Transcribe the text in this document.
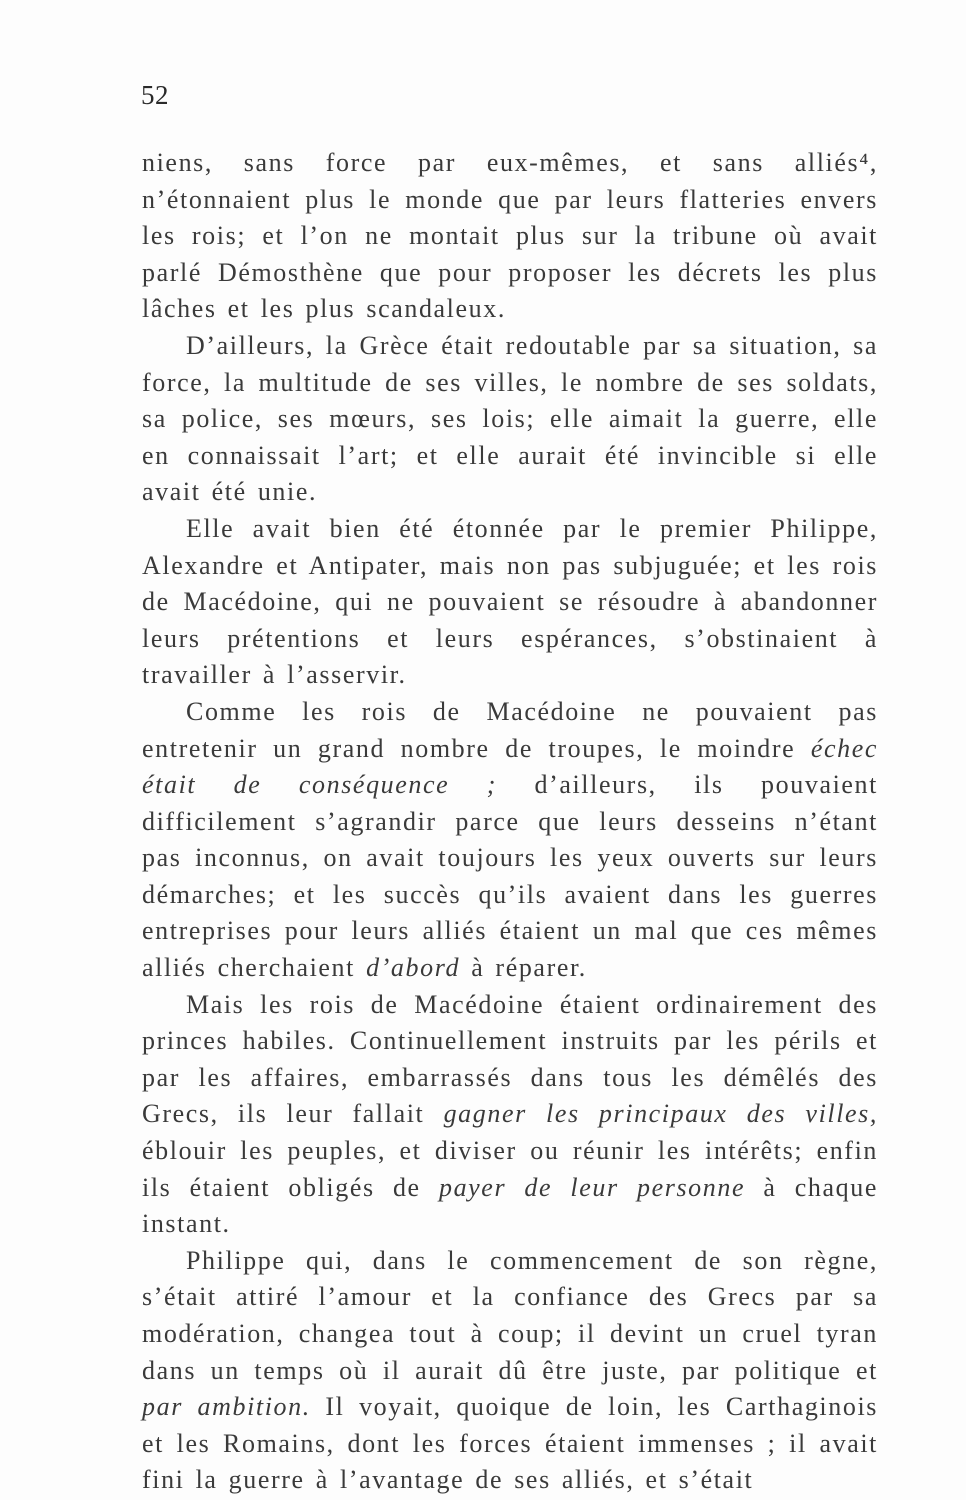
52

niens, sans force par eux-mêmes, et sans alliés⁴, n’étonnaient plus le monde que par leurs flatteries envers les rois; et l’on ne montait plus sur la tribune où avait parlé Démosthène que pour proposer les décrets les plus lâches et les plus scandaleux.

D’ailleurs, la Grèce était redoutable par sa situation, sa force, la multitude de ses villes, le nombre de ses soldats, sa police, ses mœurs, ses lois; elle aimait la guerre, elle en connaissait l’art; et elle aurait été invincible si elle avait été unie.

Elle avait bien été étonnée par le premier Philippe, Alexandre et Antipater, mais non pas subjuguée; et les rois de Macédoine, qui ne pouvaient se résoudre à abandonner leurs prétentions et leurs espérances, s’obstinaient à travailler à l’asservir.

Comme les rois de Macédoine ne pouvaient pas entretenir un grand nombre de troupes, le moindre échec était de conséquence ; d’ailleurs, ils pouvaient difficilement s’agrandir parce que leurs desseins n’étant pas inconnus, on avait toujours les yeux ouverts sur leurs démarches; et les succès qu’ils avaient dans les guerres entreprises pour leurs alliés étaient un mal que ces mêmes alliés cherchaient d’abord à réparer.

Mais les rois de Macédoine étaient ordinairement des princes habiles. Continuellement instruits par les périls et par les affaires, embarrassés dans tous les démêlés des Grecs, ils leur fallait gagner les principaux des villes, éblouir les peuples, et diviser ou réunir les intérêts; enfin ils étaient obligés de payer de leur personne à chaque instant.

Philippe qui, dans le commencement de son règne, s’était attiré l’amour et la confiance des Grecs par sa modération, changea tout à coup; il devint un cruel tyran dans un temps où il aurait dû être juste, par politique et par ambition. Il voyait, quoique de loin, les Carthaginois et les Romains, dont les forces étaient immenses ; il avait fini la guerre à l’avantage de ses alliés, et s’était
